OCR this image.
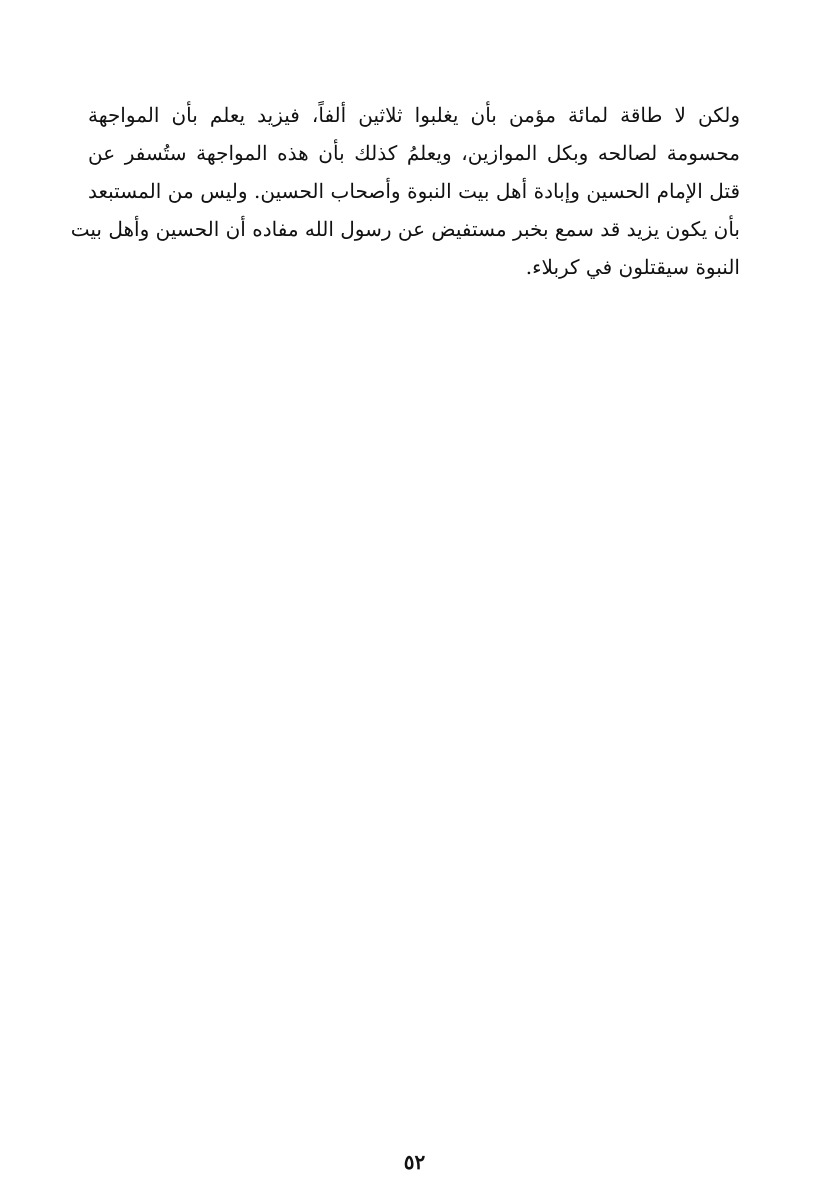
ولكن لا طاقة لمائة مؤمن بأن يغلبوا ثلاثين ألفاً، فيزيد يعلم بأن المواجهة
محسومة لصالحه وبكل الموازين، ويعلمُ كذلك بأن هذه المواجهة ستُسفر عن
قتل الإمام الحسين وإبادة أهل بيت النبوة وأصحاب الحسين. وليس من المستبعد
بأن يكون يزيد قد سمع بخبر مستفيض عن رسول الله مفاده أن الحسين وأهل بيت
النبوة سيقتلون في كربلاء.
٥٢
